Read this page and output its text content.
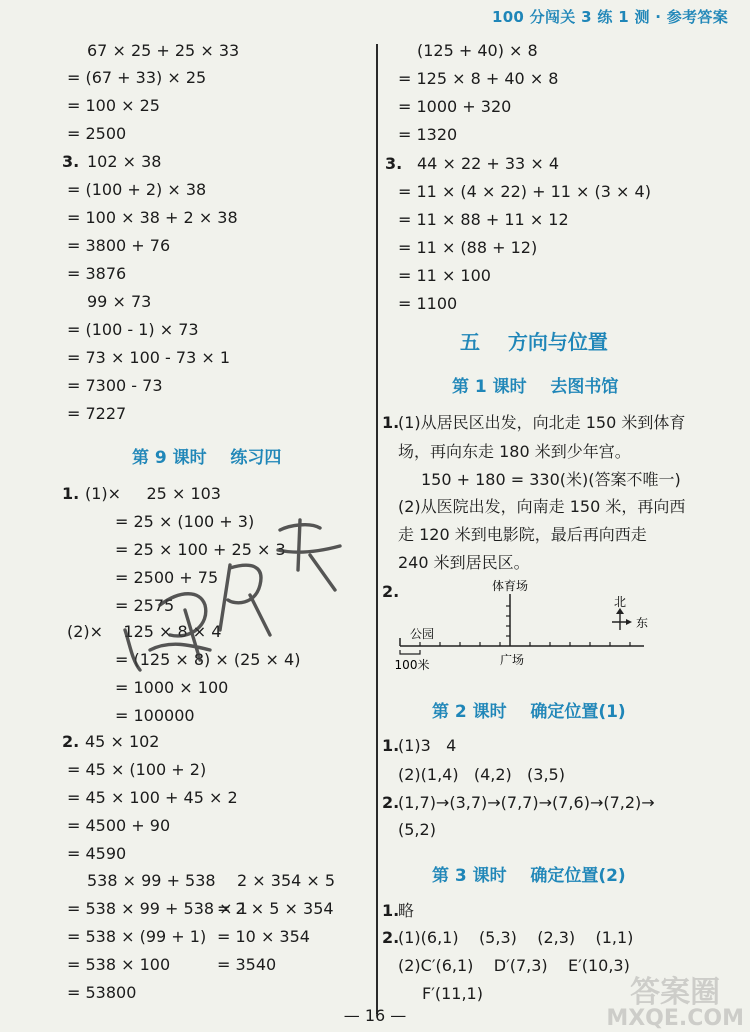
100 分闯关 3 练 1 测 · 参考答案
67 × 25 + 25 × 33
= (67 + 33) × 25
= 100 × 25
= 2500
3. 102 × 38
= (100 + 2) × 38
= 100 × 38 + 2 × 38
= 3800 + 76
= 3876
99 × 73
= (100 - 1) × 73
= 73 × 100 - 73 × 1
= 7300 - 73
= 7227
第 9 课时    练习四
1. (1)×     25 × 103
= 25 × (100 + 3)
= 25 × 100 + 25 × 3
= 2500 + 75
= 2575
(2)×    125 × 8 × 4
= (125 × 8) × (25 × 4)
= 1000 × 100
= 100000
2. 45 × 102
= 45 × (100 + 2)
= 45 × 100 + 45 × 2
= 4500 + 90
= 4590
538 × 99 + 538
= 538 × 99 + 538 × 1
= 538 × (99 + 1)
= 538 × 100
= 53800
2 × 354 × 5
= 2 × 5 × 354
= 10 × 354
= 3540
(125 + 40) × 8
= 125 × 8 + 40 × 8
= 1000 + 320
= 1320
3. 44 × 22 + 33 × 4
= 11 × (4 × 22) + 11 × (3 × 4)
= 11 × 88 + 11 × 12
= 11 × (88 + 12)
= 11 × 100
= 1100
五    方向与位置
第 1 课时    去图书馆
1.
(1)从居民区出发，向北走 150 米到体育
场，再向东走 180 米到少年宫。
150 + 180 = 330(米)(答案不唯一)
(2)从医院出发，向南走 150 米，再向西
走 120 米到电影院，最后再向西走
240 米到居民区。
2.	体育场
公园
广场
100米
北
东
第 2 课时    确定位置(1)
1.
(1)3   4
(2)(1,4)   (4,2)   (3,5)
2.
(1,7)→(3,7)→(7,7)→(7,6)→(7,2)→
(5,2)
第 3 课时    确定位置(2)
1.
略
2.
(1)(6,1)    (5,3)    (2,3)    (1,1)
(2)C′(6,1)    D′(7,3)    E′(10,3)
F′(11,1)
— 16 —
答案圈
MXQE.COM
